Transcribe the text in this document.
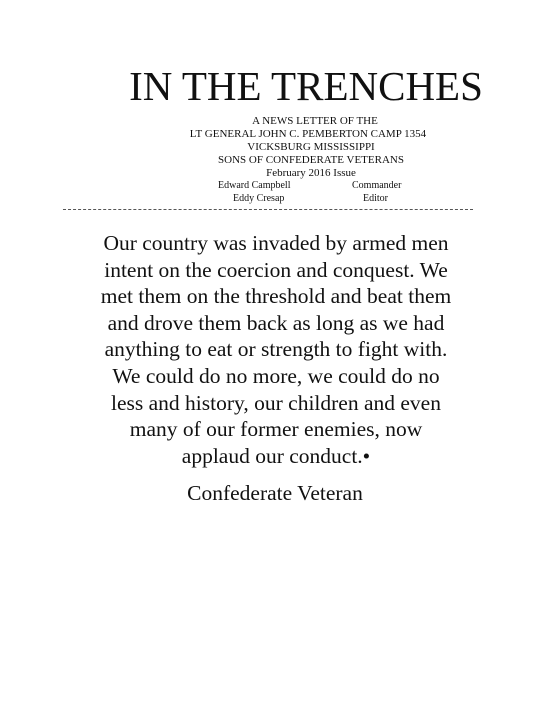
IN THE TRENCHES
A NEWS LETTER OF THE
LT GENERAL JOHN C. PEMBERTON CAMP 1354
VICKSBURG MISSISSIPPI
SONS OF CONFEDERATE VETERANS
February 2016 Issue
Edward Campbell	Commander
Eddy Cresap	Editor
Our country was invaded by armed men
intent on the coercion and conquest. We
met them on the threshold and beat them
and drove them back as long as we had
anything to eat or strength to fight with.
We could do no more, we could do no
less and history, our children and even
many of our former enemies, now
applaud our conduct.•
Confederate Veteran
